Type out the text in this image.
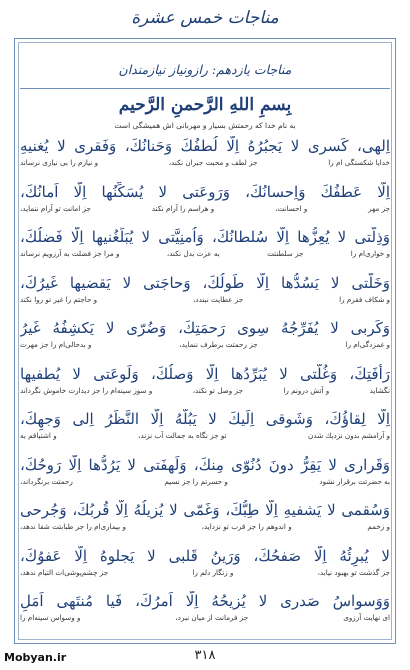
مناجات خمس عشرة
مناجات یازدهم: رازونیاز نیازمندان
بِسمِ اللهِ الرَّحمنِ الرَّحيم
به نام خدا كه رحمتش بسیار و مهربانی اش همیشگی است
اِلهى، كَسرى لا يَجبُرُهُ اِلّا لُطفُكَ وَحَنانُكَ، وَفَقرى لا يُغنيهِ
خدایا شكستگی ام را
جز لطف و محبت جبران نكند،
و نیازم را بی نیازی نرساند
اِلّا عَطفُكَ وَاِحسانُكَ، وَرَوعَتى لا يُسَكِّنُها اِلّا اَمانُكَ،
جز مهر
و احسانت،
و هراسم را آرام نكند
جز امانت تو آرام ننماید،
وَذِلَّتى لا يُعِزُّها اِلّا سُلطانُكَ، وَاُمنِيَّتى لا يُبَلِّغُنيها اِلّا فَضلُكَ،
و خواری‌ام را
جز سلطنتت
به عزت بدل نكند،
و مرا جز فضلت به آرزویم نرساند
وَخَلَّتى لا يَسُدُّها اِلّا طَولُكَ، وَحاجَتى لا يَقضيها غَيرُكَ،
و شكاف فقرم را
جز عطایت نبندد،
و حاجتم را غیر تو روا نكند
وَكَربى لا يُفَرِّجُهُ سِوى رَحمَتِكَ، وَضُرّى لا يَكشِفُهُ غَيرُ
و غمزدگی‌ام را
جز رحمتت برطرف ننماید،
و بدحالی‌ام را جز مهرت
رَأفَتِكَ، وَغُلَّتى لا يُبَرِّدُها اِلّا وَصلُكَ، وَلَوعَتى لا يُطفيها
نگشاید
و آتش درونم را
جز وصل تو نكند،
و سوز سینه‌ام را جز دیدارت خاموش نگرداند
اِلّا لِقاؤُكَ، وَشَوقى اِلَيكَ لا يَبُلُّهُ اِلَّا النَّظَرُ اِلى وَجهِكَ،
و آرامشم بدون نزدیك شدن
تو جز نگاه به جمالت آب نزند،
و اشتیاقم به
وَقَرارى لا يَقِرُّ دونَ دُنُوّى مِنكَ، وَلَهفَتى لا يَرُدُّها اِلّا رَوحُكَ،
به حضرتت برقرار نشود
و حسرتم را جز نسیم
رحمتت برنگرداند،
وَسُقمى لا يَشفيهِ اِلّا طِبُّكَ، وَغَمّى لا يُزيلُهُ اِلّا قُربُكَ، وَجُرحى
و زخمم
و اندوهم را جز قرب تو نزداید،
و بیماری‌ام را جز طبابتت شفا ندهد،
لا يُبرِئُهُ اِلّا صَفحُكَ، وَرَينُ قَلبى لا يَجلوهُ اِلّا عَفوُكَ،
جز گذشت تو بهبود نیابد،
و زنگار دلم را
جز چشم‌پوشی‌ات التیام ندهد،
وَوَسواسُ صَدرى لا يُزيحُهُ اِلّا اَمرُكَ، فَيا مُنتَهى اَمَلِ
ای نهایت آرزوی
جز فرمانت از میان نبرد،
و وسواس سینه‌ام را
۳۱۸
Mobyan.ir
